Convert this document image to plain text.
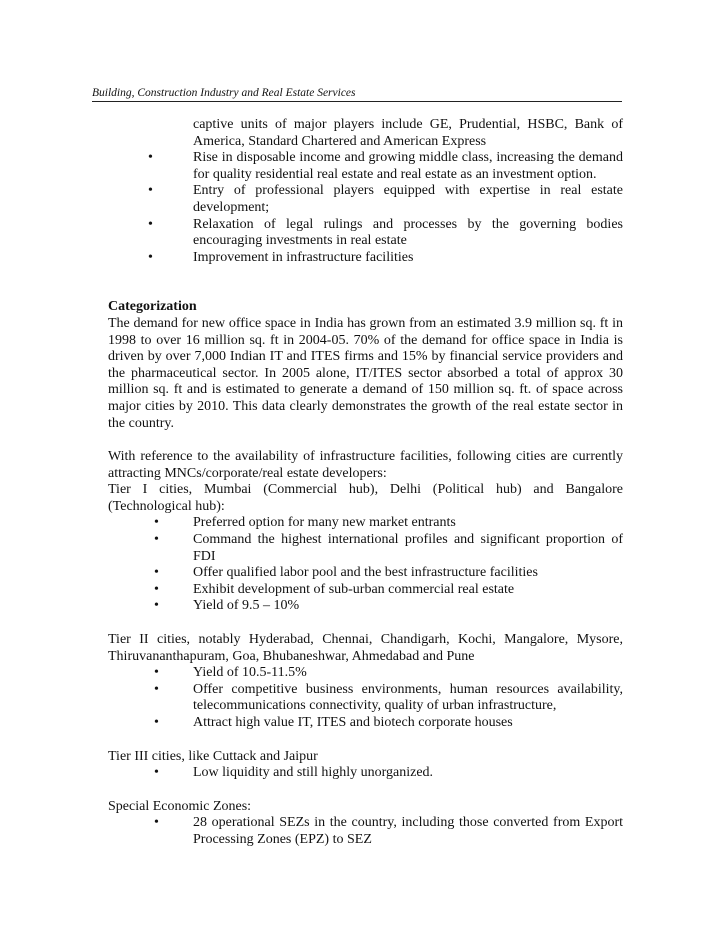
Building, Construction Industry and Real Estate Services
captive units of major players include GE, Prudential, HSBC, Bank of America, Standard Chartered and American Express
•	Rise in disposable income and growing middle class, increasing the demand for quality residential real estate and real estate as an investment option.
•	Entry of professional players equipped with expertise in real estate development;
•	Relaxation of legal rulings and processes by the governing bodies encouraging investments in real estate
•	Improvement in infrastructure facilities
Categorization

The demand for new office space in India has grown from an estimated 3.9 million sq. ft in 1998 to over 16 million sq. ft in 2004-05. 70% of the demand for office space in India is driven by over 7,000 Indian IT and ITES firms and 15% by financial service providers and the pharmaceutical sector. In 2005 alone, IT/ITES sector absorbed a total of approx 30 million sq. ft and is estimated to generate a demand of 150 million sq. ft. of space across major cities by 2010. This data clearly demonstrates the growth of the real estate sector in the country.

With reference to the availability of infrastructure facilities, following cities are currently attracting MNCs/corporate/real estate developers:

Tier I cities, Mumbai (Commercial hub), Delhi (Political hub) and Bangalore (Technological hub):

• Preferred option for many new market entrants
• Command the highest international profiles and significant proportion of FDI
• Offer qualified labor pool and the best infrastructure facilities
• Exhibit development of sub-urban commercial real estate
• Yield of 9.5 – 10%

Tier II cities, notably Hyderabad, Chennai, Chandigarh, Kochi, Mangalore, Mysore, Thiruvananthapuram, Goa, Bhubaneshwar, Ahmedabad and Pune

• Yield of 10.5-11.5%
• Offer competitive business environments, human resources availability, telecommunications connectivity, quality of urban infrastructure,
• Attract high value IT, ITES and biotech corporate houses

Tier III cities, like Cuttack and Jaipur

• Low liquidity and still highly unorganized.

Special Economic Zones:

• 28 operational SEZs in the country, including those converted from Export Processing Zones (EPZ) to SEZ
